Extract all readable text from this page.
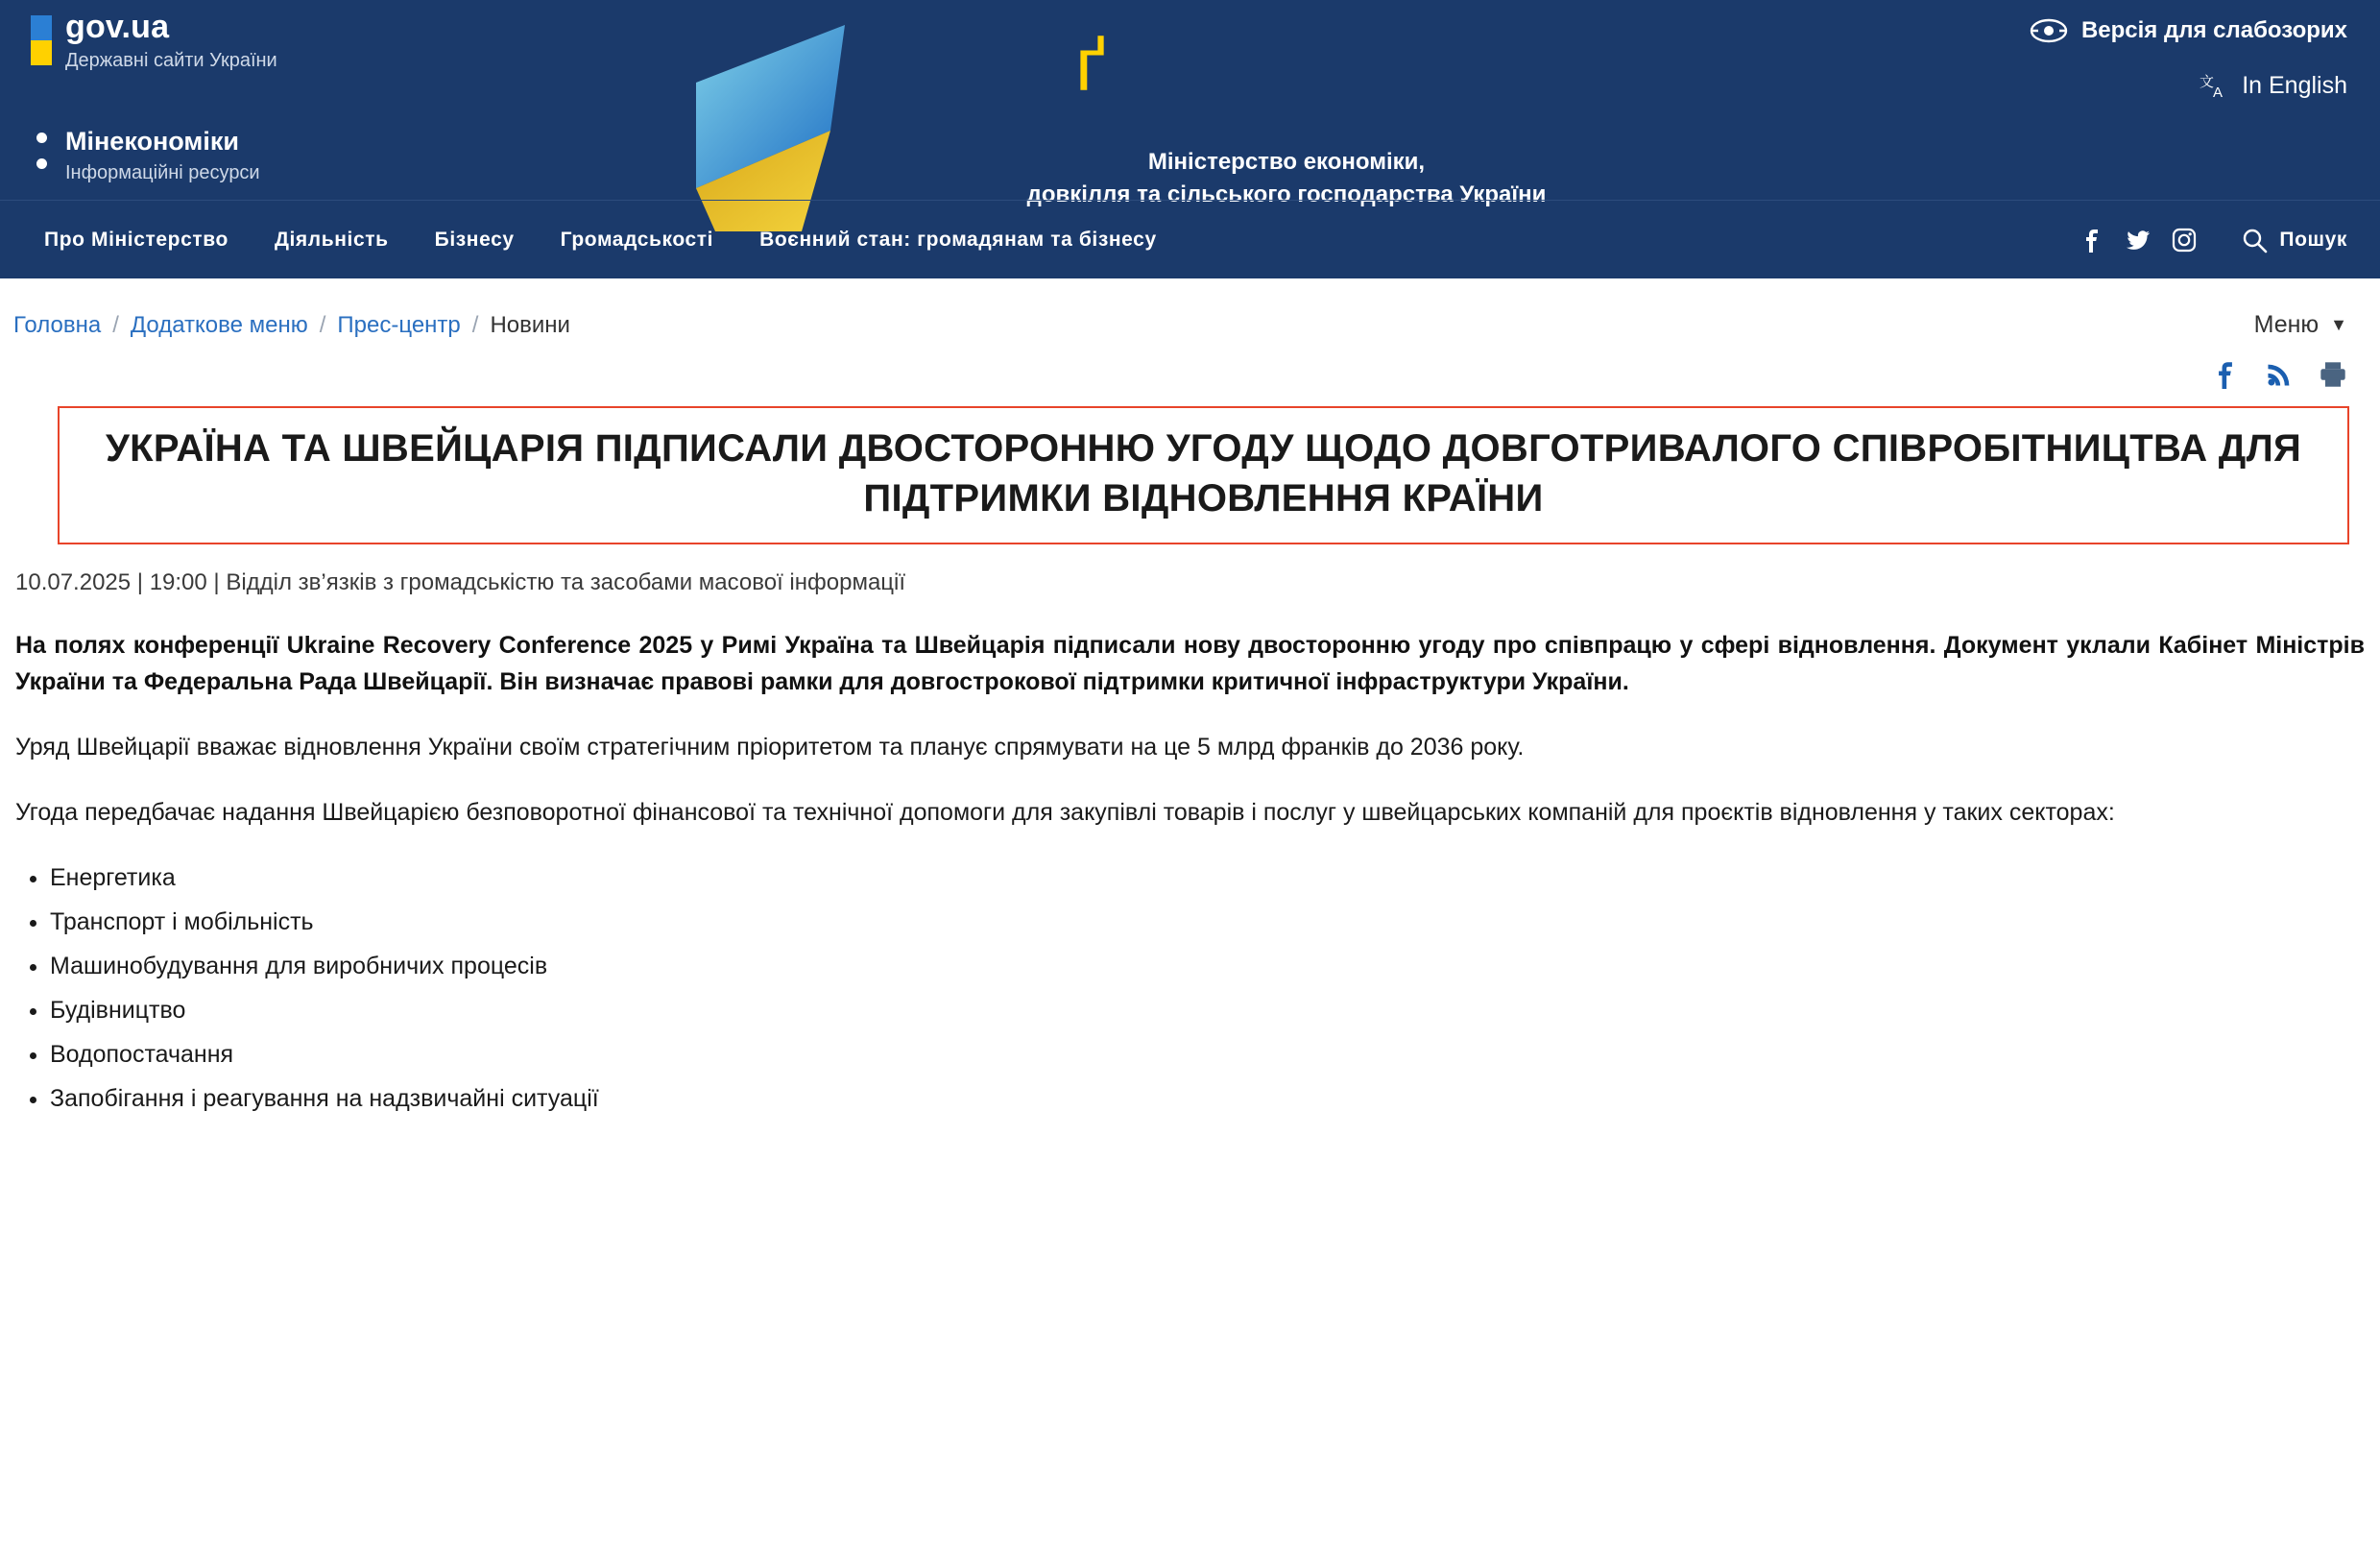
gov.ua
Державні сайти України
Мінекономіки
Інформаційні ресурси
ґ
Міністерство економіки,
довкілля та сільського господарства України
Версія для слабозорих
文
A In English
Про Міністерство	Діяльність	Бізнесу	Громадськості	Воєнний стан: громадянам та бізнесу	Пошук
Головна / Додаткове меню / Прес-центр / Новини	Меню ▼
УКРАЇНА ТА ШВЕЙЦАРІЯ ПІДПИСАЛИ ДВОСТОРОННЮ УГОДУ ЩОДО ДОВГОТРИВАЛОГО СПІВРОБІТНИЦТВА ДЛЯ ПІДТРИМКИ ВІДНОВЛЕННЯ КРАЇНИ
10.07.2025 | 19:00 | Відділ зв’язків з громадськістю та засобами масової інформації
На полях конференції Ukraine Recovery Conference 2025 у Римі Україна та Швейцарія підписали нову двосторонню угоду про співпрацю у сфері відновлення. Документ уклали Кабінет Міністрів України та Федеральна Рада Швейцарії. Він визначає правові рамки для довгострокової підтримки критичної інфраструктури України.
Уряд Швейцарії вважає відновлення України своїм стратегічним пріоритетом та планує спрямувати на це 5 млрд франків до 2036 року.
Угода передбачає надання Швейцарією безповоротної фінансової та технічної допомоги для закупівлі товарів і послуг у швейцарських компаній для проєктів відновлення у таких секторах:
• Енергетика
• Транспорт і мобільність
• Машинобудування для виробничих процесів
• Будівництво
• Водопостачання
• Запобігання і реагування на надзвичайні ситуації
